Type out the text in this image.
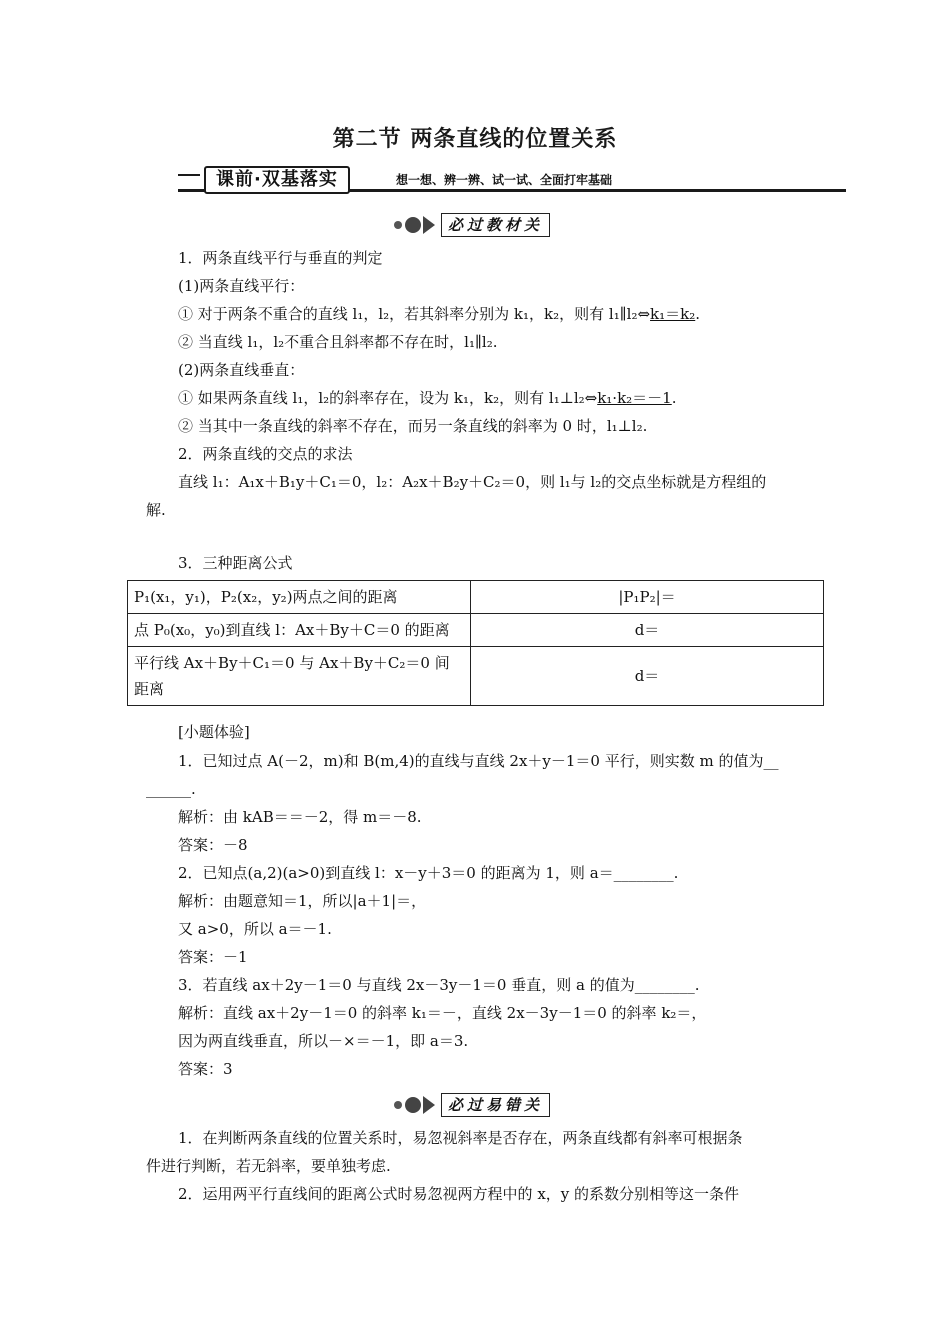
第二节 两条直线的位置关系
课前·双基落实	想一想、辨一辨、试一试、全面打牢基础
必过教材关
1．两条直线平行与垂直的判定
(1)两条直线平行：
① 对于两条不重合的直线 l₁，l₂，若其斜率分别为 k₁，k₂，则有 l₁∥l₂⇔k₁＝k₂.
② 当直线 l₁，l₂不重合且斜率都不存在时，l₁∥l₂.
(2)两条直线垂直：
① 如果两条直线 l₁，l₂的斜率存在，设为 k₁，k₂，则有 l₁⊥l₂⇔k₁·k₂＝－1.
② 当其中一条直线的斜率不存在，而另一条直线的斜率为 0 时，l₁⊥l₂.
2．两条直线的交点的求法
直线 l₁：A₁x＋B₁y＋C₁＝0，l₂：A₂x＋B₂y＋C₂＝0，则 l₁与 l₂的交点坐标就是方程组的
解.
3．三种距离公式
P₁(x₁，y₁)，P₂(x₂，y₂)两点之间的距离	|P₁P₂|＝
点 P₀(x₀，y₀)到直线 l：Ax＋By＋C＝0 的距离	d＝
平行线 Ax＋By＋C₁＝0 与 Ax＋By＋C₂＝0 间距离	d＝
[小题体验]
1．已知过点 A(－2，m)和 B(m,4)的直线与直线 2x＋y－1＝0 平行，则实数 m 的值为__
______.
解析：由 kAB＝＝－2，得 m＝－8.
答案：－8
2．已知点(a,2)(a>0)到直线 l：x－y＋3＝0 的距离为 1，则 a＝________.
解析：由题意知＝1，所以|a＋1|＝，
又 a>0，所以 a＝－1.
答案：－1
3．若直线 ax＋2y－1＝0 与直线 2x－3y－1＝0 垂直，则 a 的值为________.
解析：直线 ax＋2y－1＝0 的斜率 k₁＝－，直线 2x－3y－1＝0 的斜率 k₂＝，
因为两直线垂直，所以－×＝－1，即 a＝3.
答案：3
必过易错关
1．在判断两条直线的位置关系时，易忽视斜率是否存在，两条直线都有斜率可根据条
件进行判断，若无斜率，要单独考虑.
2．运用两平行直线间的距离公式时易忽视两方程中的 x，y 的系数分别相等这一条件
